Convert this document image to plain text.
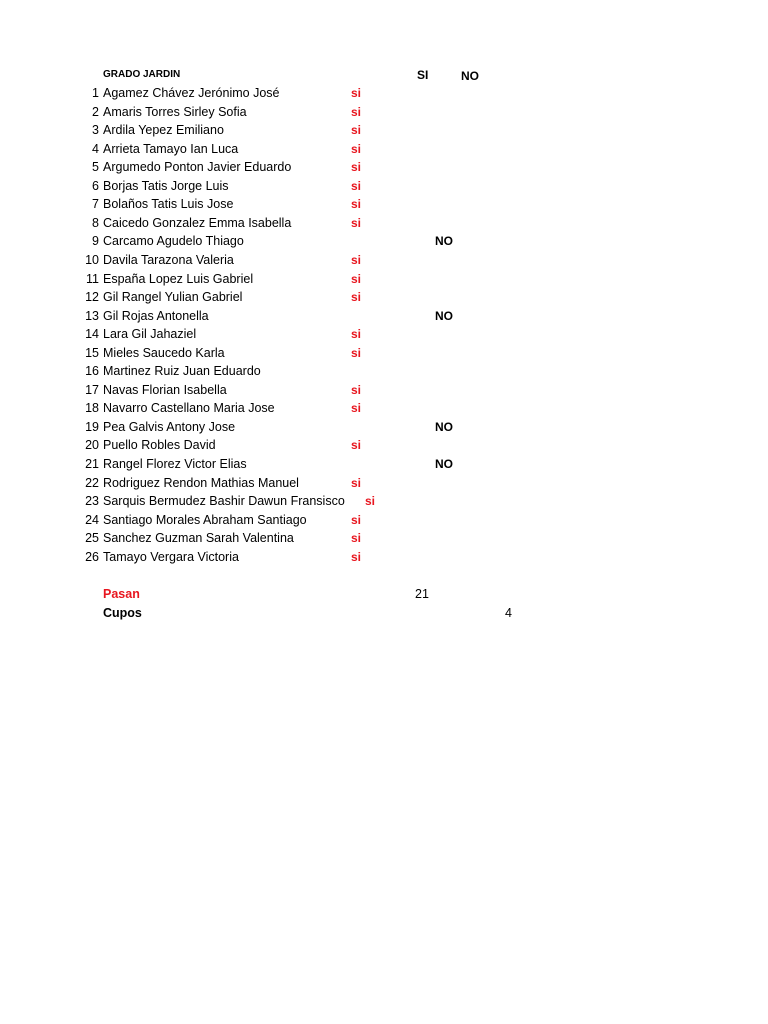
GRADO JARDIN	SI	NO
1 Agamez Chávez Jerónimo José	si
2 Amaris Torres Sirley Sofia	si
3 Ardila Yepez Emiliano	si
4 Arrieta Tamayo Ian Luca	si
5 Argumedo Ponton Javier Eduardo	si
6 Borjas Tatis Jorge Luis	si
7 Bolaños Tatis Luis Jose	si
8 Caicedo Gonzalez Emma Isabella	si
9 Carcamo Agudelo Thiago	NO
10 Davila Tarazona Valeria	si
11 España Lopez Luis Gabriel	si
12 Gil Rangel Yulian Gabriel	si
13 Gil Rojas Antonella	NO
14 Lara Gil Jahaziel	si
15 Mieles Saucedo Karla	si
16 Martinez Ruiz Juan Eduardo
17 Navas Florian Isabella	si
18 Navarro Castellano Maria Jose	si
19 Pea Galvis Antony Jose	NO
20 Puello Robles David	si
21 Rangel Florez Victor Elias	NO
22 Rodriguez Rendon Mathias Manuel	si
23 Sarquis Bermudez Bashir Dawun Fransisco si
24 Santiago Morales Abraham Santiago	si
25 Sanchez Guzman Sarah Valentina	si
26 Tamayo Vergara Victoria	si
Pasan	21
Cupos	4
